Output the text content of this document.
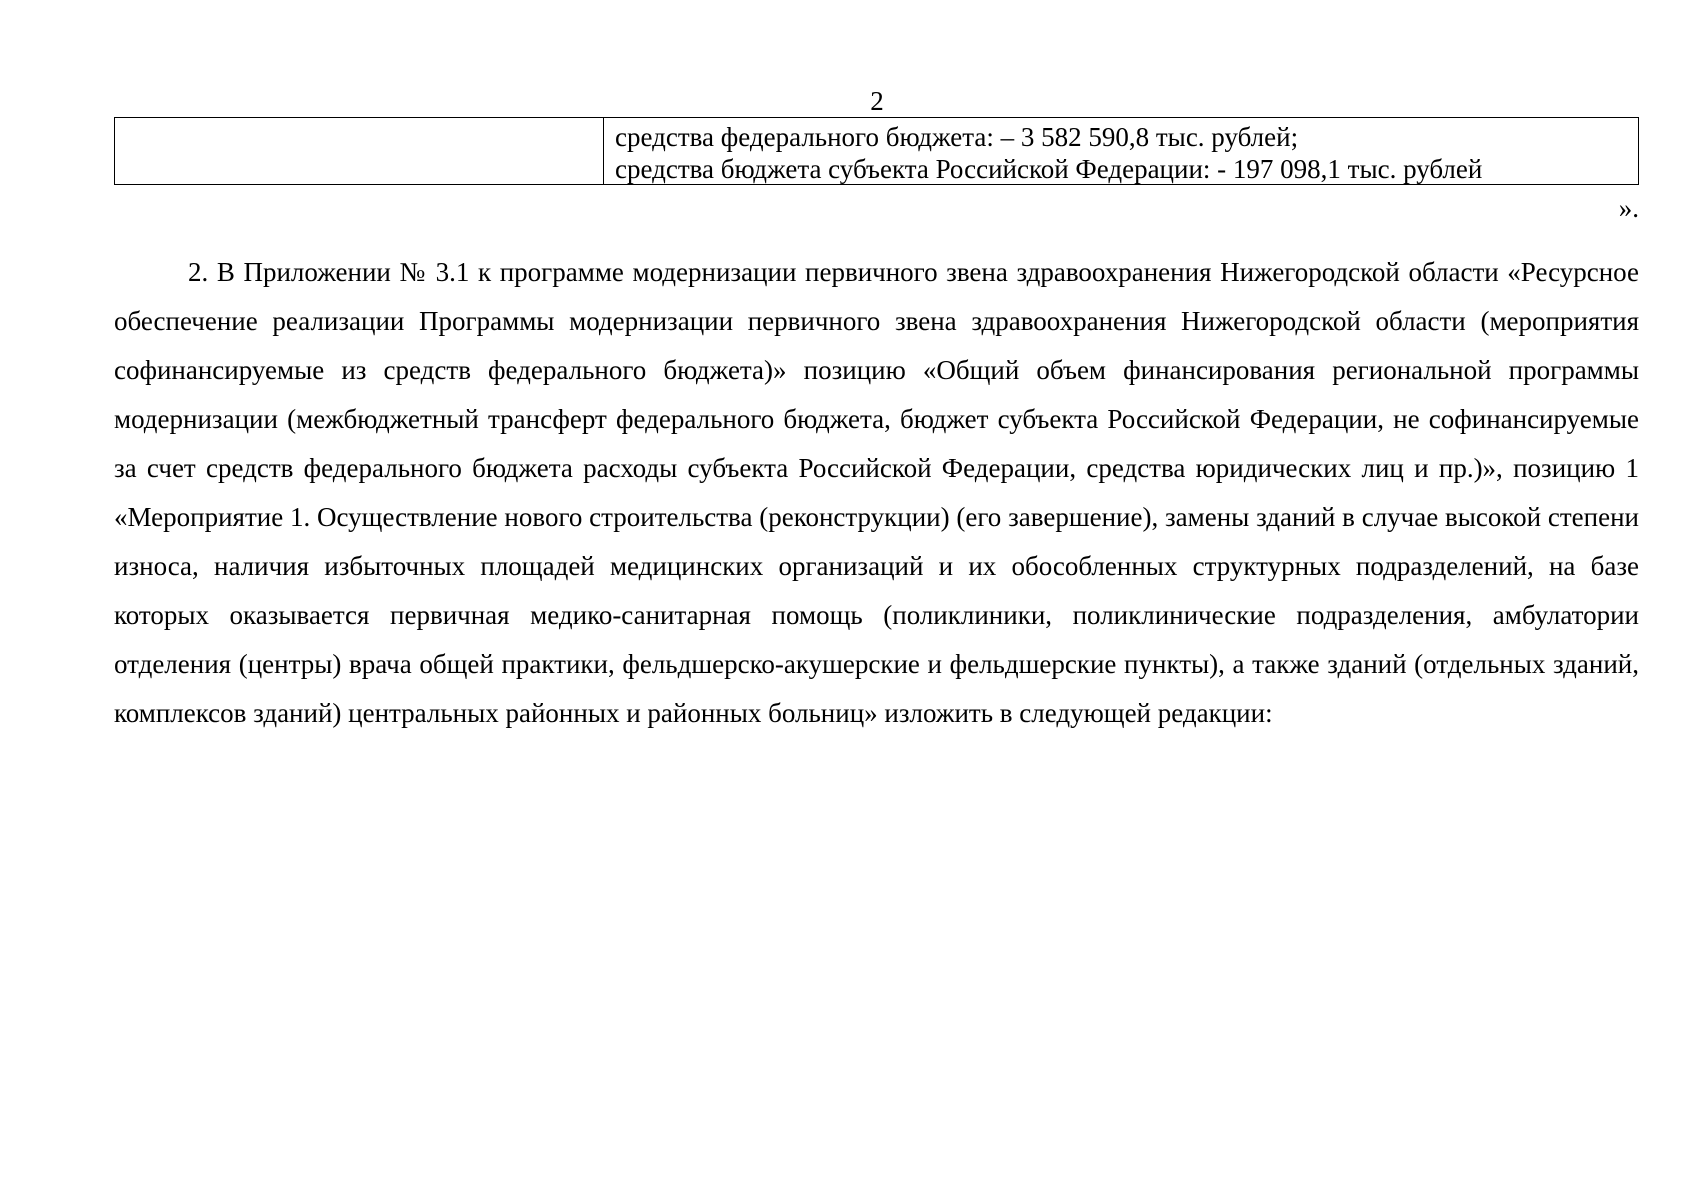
2
средства федерального бюджета: – 3 582 590,8 тыс. рублей;
средства бюджета субъекта Российской Федерации: - 197 098,1 тыс. рублей
».

2. В Приложении № 3.1 к программе модернизации первичного звена здравоохранения Нижегородской области «Ресурсное обеспечение реализации Программы модернизации первичного звена здравоохранения Нижегородской области (мероприятия софинансируемые из средств федерального бюджета)» позицию «Общий объем финансирования региональной программы модернизации (межбюджетный трансферт федерального бюджета, бюджет субъекта Российской Федерации, не софинансируемые за счет средств федерального бюджета расходы субъекта Российской Федерации, средства юридических лиц и пр.)», позицию 1 «Мероприятие 1. Осуществление нового строительства (реконструкции) (его завершение), замены зданий в случае высокой степени износа, наличия избыточных площадей медицинских организаций и их обособленных структурных подразделений, на базе которых оказывается первичная медико-санитарная помощь (поликлиники, поликлинические подразделения, амбулатории отделения (центры) врача общей практики, фельдшерско-акушерские и фельдшерские пункты), а также зданий (отдельных зданий, комплексов зданий) центральных районных и районных больниц» изложить в следующей редакции:
